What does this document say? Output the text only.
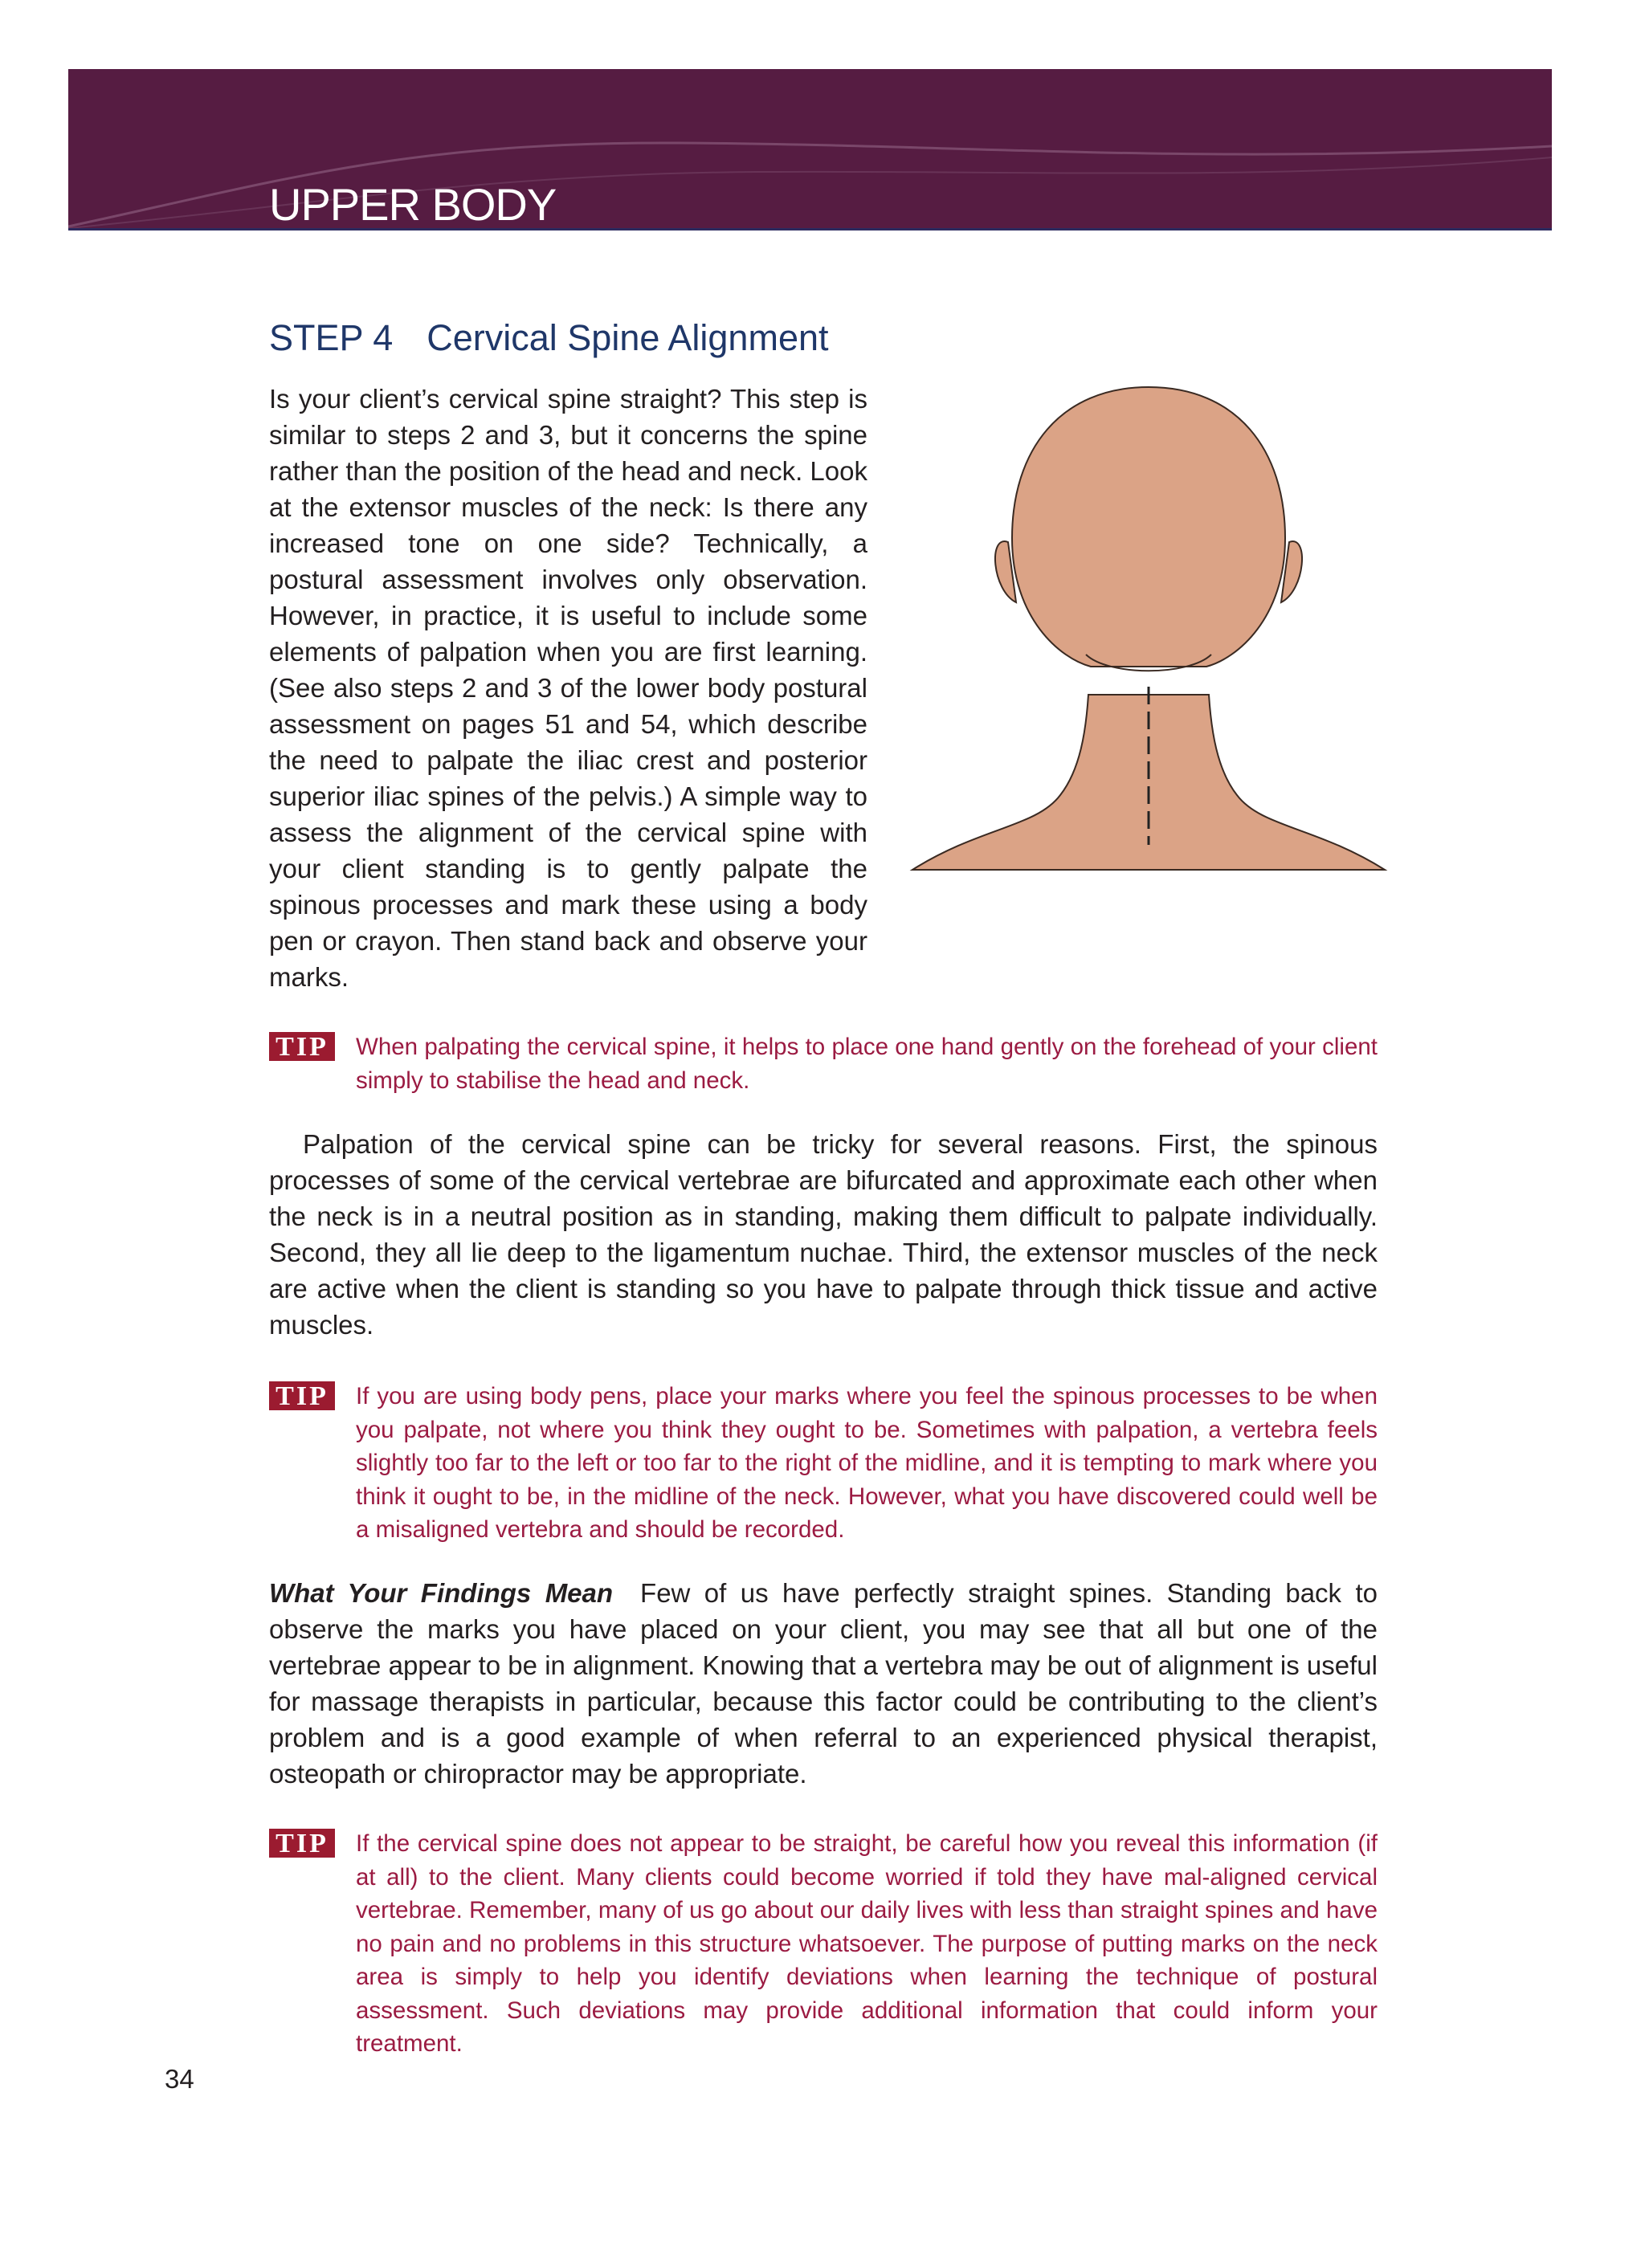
UPPER BODY
STEP 4 Cervical Spine Alignment

Is your client’s cervical spine straight? This step is similar to steps 2 and 3, but it concerns the spine rather than the position of the head and neck. Look at the extensor muscles of the neck: Is there any increased tone on one side? Technically, a postural assessment involves only observation. However, in practice, it is useful to include some elements of palpation when you are first learning. (See also steps 2 and 3 of the lower body postural assessment on pages 51 and 54, which describe the need to palpate the iliac crest and posterior superior iliac spines of the pelvis.) A simple way to assess the alignment of the cervical spine with your client standing is to gently palpate the spinous processes and mark these using a body pen or crayon. Then stand back and observe your marks.

TIP When palpating the cervical spine, it helps to place one hand gently on the forehead of your client simply to stabilise the head and neck.

Palpation of the cervical spine can be tricky for several reasons. First, the spinous processes of some of the cervical vertebrae are bifurcated and approximate each other when the neck is in a neutral position as in standing, making them difficult to palpate individually. Second, they all lie deep to the ligamentum nuchae. Third, the extensor muscles of the neck are active when the client is standing so you have to palpate through thick tissue and active muscles.

TIP If you are using body pens, place your marks where you feel the spinous processes to be when you palpate, not where you think they ought to be. Sometimes with palpation, a vertebra feels slightly too far to the left or too far to the right of the midline, and it is tempting to mark where you think it ought to be, in the midline of the neck. However, what you have discovered could well be a misaligned vertebra and should be recorded.

What Your Findings Mean Few of us have perfectly straight spines. Standing back to observe the marks you have placed on your client, you may see that all but one of the vertebrae appear to be in alignment. Knowing that a vertebra may be out of alignment is useful for massage therapists in particular, because this factor could be contributing to the client’s problem and is a good example of when referral to an experienced physical therapist, osteopath or chiropractor may be appropriate.

TIP If the cervical spine does not appear to be straight, be careful how you reveal this information (if at all) to the client. Many clients could become worried if told they have mal-aligned cervical vertebrae. Remember, many of us go about our daily lives with less than straight spines and have no pain and no problems in this structure whatsoever. The purpose of putting marks on the neck area is simply to help you identify deviations when learning the technique of postural assessment. Such deviations may provide additional information that could inform your treatment.

34
